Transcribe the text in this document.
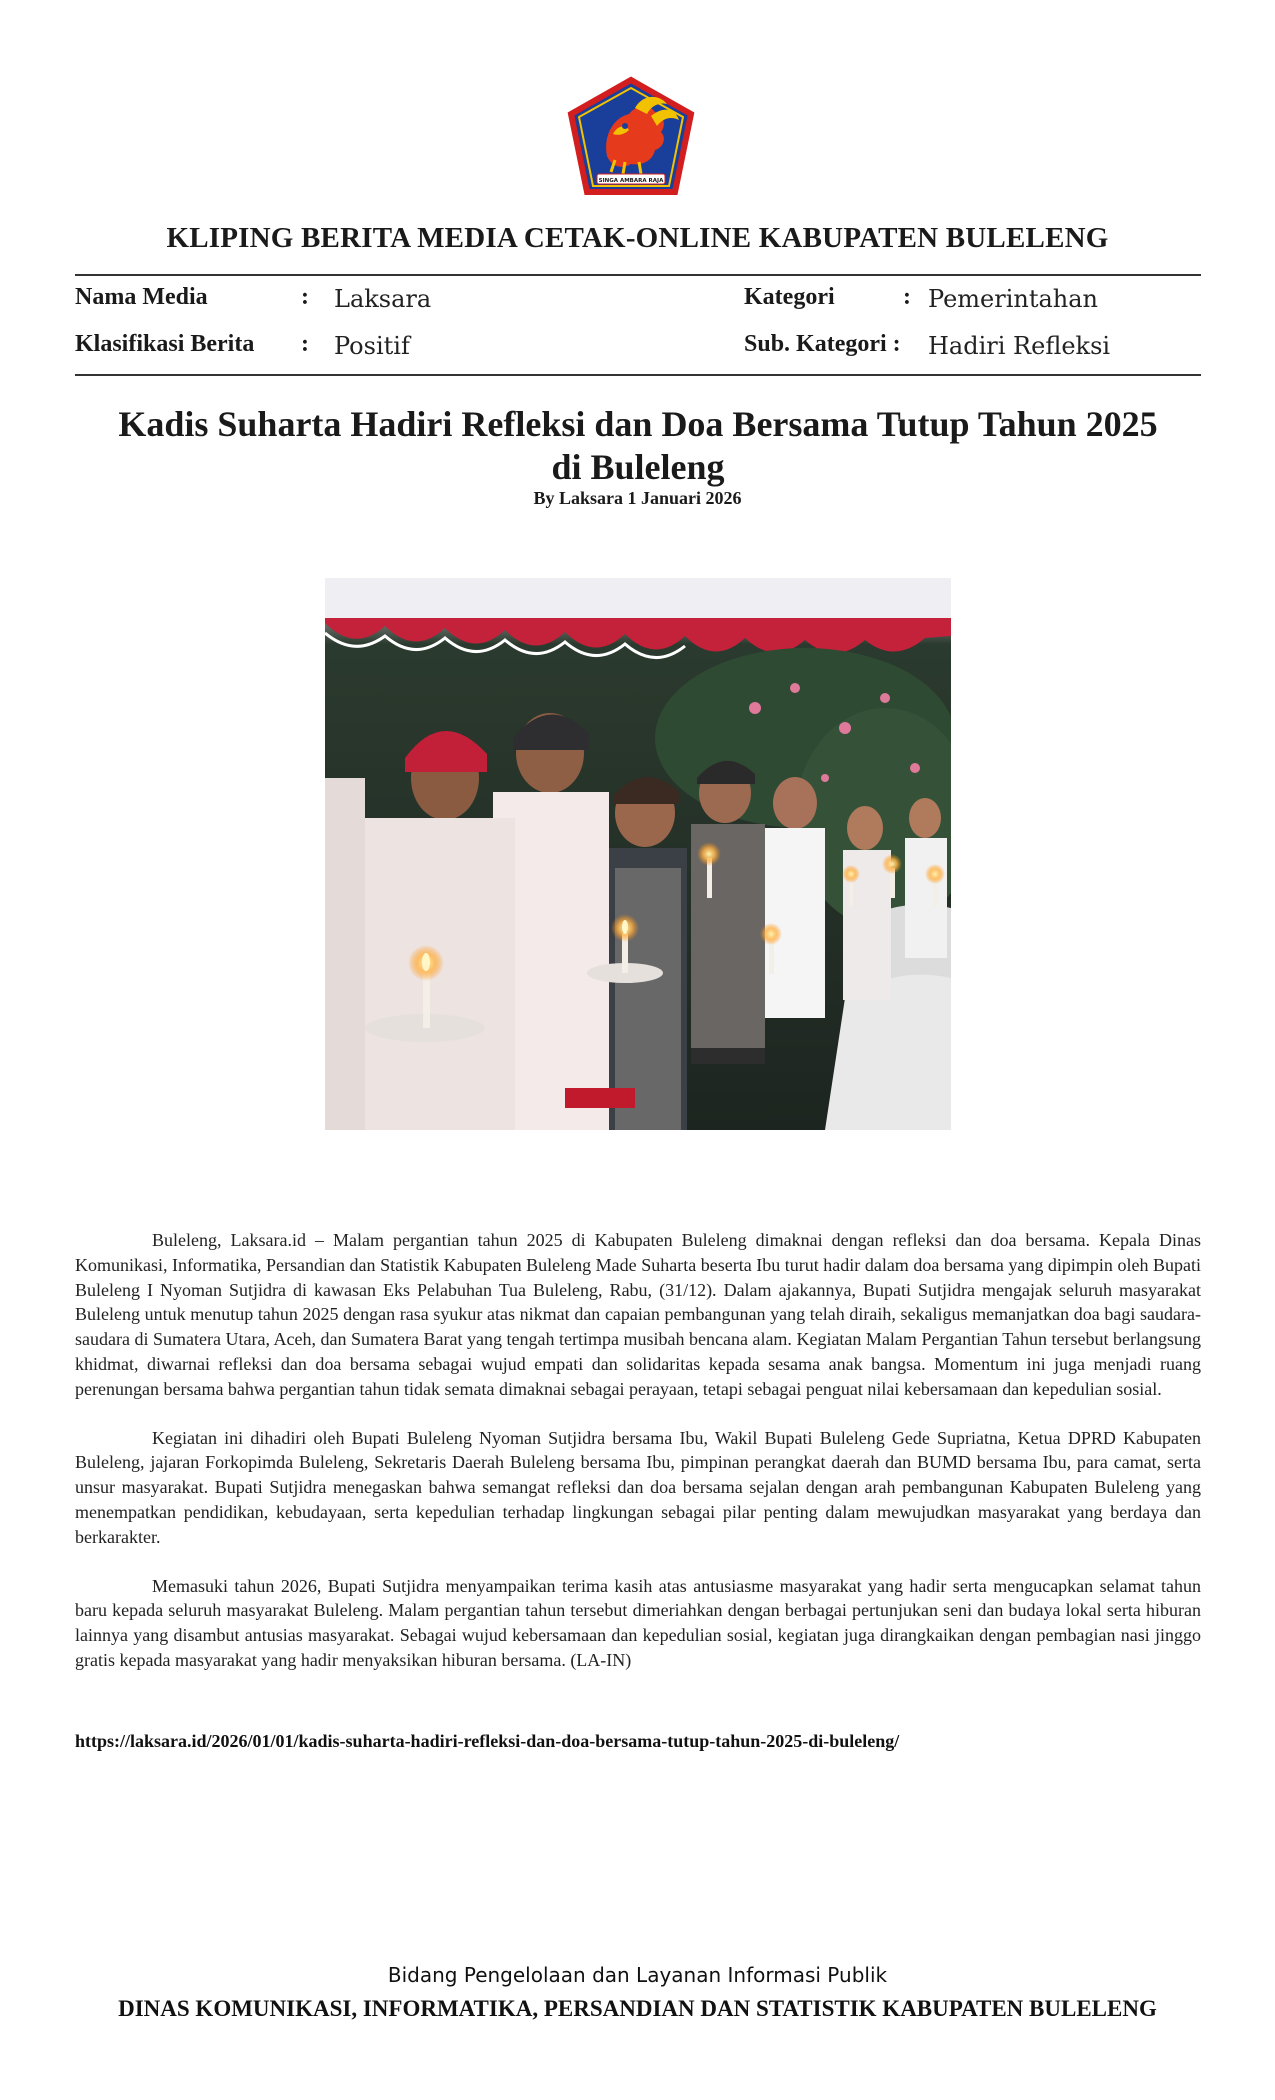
SINGA AMBARA RAJA
KLIPING BERITA MEDIA CETAK-ONLINE KABUPATEN BULELENG
Nama Media	: Laksara
Klasifikasi Berita : Positif
Kategori	: Pemerintahan
Sub. Kategori : Hadiri Refleksi
Kadis Suharta Hadiri Refleksi dan Doa Bersama Tutup Tahun 2025
di Buleleng
By Laksara 1 Januari 2026

Buleleng, Laksara.id – Malam pergantian tahun 2025 di Kabupaten Buleleng dimaknai dengan refleksi dan doa bersama. Kepala Dinas Komunikasi, Informatika, Persandian dan Statistik Kabupaten Buleleng Made Suharta beserta Ibu turut hadir dalam doa bersama yang dipimpin oleh Bupati Buleleng I Nyoman Sutjidra di kawasan Eks Pelabuhan Tua Buleleng, Rabu, (31/12). Dalam ajakannya, Bupati Sutjidra mengajak seluruh masyarakat Buleleng untuk menutup tahun 2025 dengan rasa syukur atas nikmat dan capaian pembangunan yang telah diraih, sekaligus memanjatkan doa bagi saudara-saudara di Sumatera Utara, Aceh, dan Sumatera Barat yang tengah tertimpa musibah bencana alam. Kegiatan Malam Pergantian Tahun tersebut berlangsung khidmat, diwarnai refleksi dan doa bersama sebagai wujud empati dan solidaritas kepada sesama anak bangsa. Momentum ini juga menjadi ruang perenungan bersama bahwa pergantian tahun tidak semata dimaknai sebagai perayaan, tetapi sebagai penguat nilai kebersamaan dan kepedulian sosial.

Kegiatan ini dihadiri oleh Bupati Buleleng Nyoman Sutjidra bersama Ibu, Wakil Bupati Buleleng Gede Supriatna, Ketua DPRD Kabupaten Buleleng, jajaran Forkopimda Buleleng, Sekretaris Daerah Buleleng bersama Ibu, pimpinan perangkat daerah dan BUMD bersama Ibu, para camat, serta unsur masyarakat. Bupati Sutjidra menegaskan bahwa semangat refleksi dan doa bersama sejalan dengan arah pembangunan Kabupaten Buleleng yang menempatkan pendidikan, kebudayaan, serta kepedulian terhadap lingkungan sebagai pilar penting dalam mewujudkan masyarakat yang berdaya dan berkarakter.

Memasuki tahun 2026, Bupati Sutjidra menyampaikan terima kasih atas antusiasme masyarakat yang hadir serta mengucapkan selamat tahun baru kepada seluruh masyarakat Buleleng. Malam pergantian tahun tersebut dimeriahkan dengan berbagai pertunjukan seni dan budaya lokal serta hiburan lainnya yang disambut antusias masyarakat. Sebagai wujud kebersamaan dan kepedulian sosial, kegiatan juga dirangkaikan dengan pembagian nasi jinggo gratis kepada masyarakat yang hadir menyaksikan hiburan bersama. (LA-IN)

https://laksara.id/2026/01/01/kadis-suharta-hadiri-refleksi-dan-doa-bersama-tutup-tahun-2025-di-buleleng/
Bidang Pengelolaan dan Layanan Informasi Publik
DINAS KOMUNIKASI, INFORMATIKA, PERSANDIAN DAN STATISTIK KABUPATEN BULELENG
